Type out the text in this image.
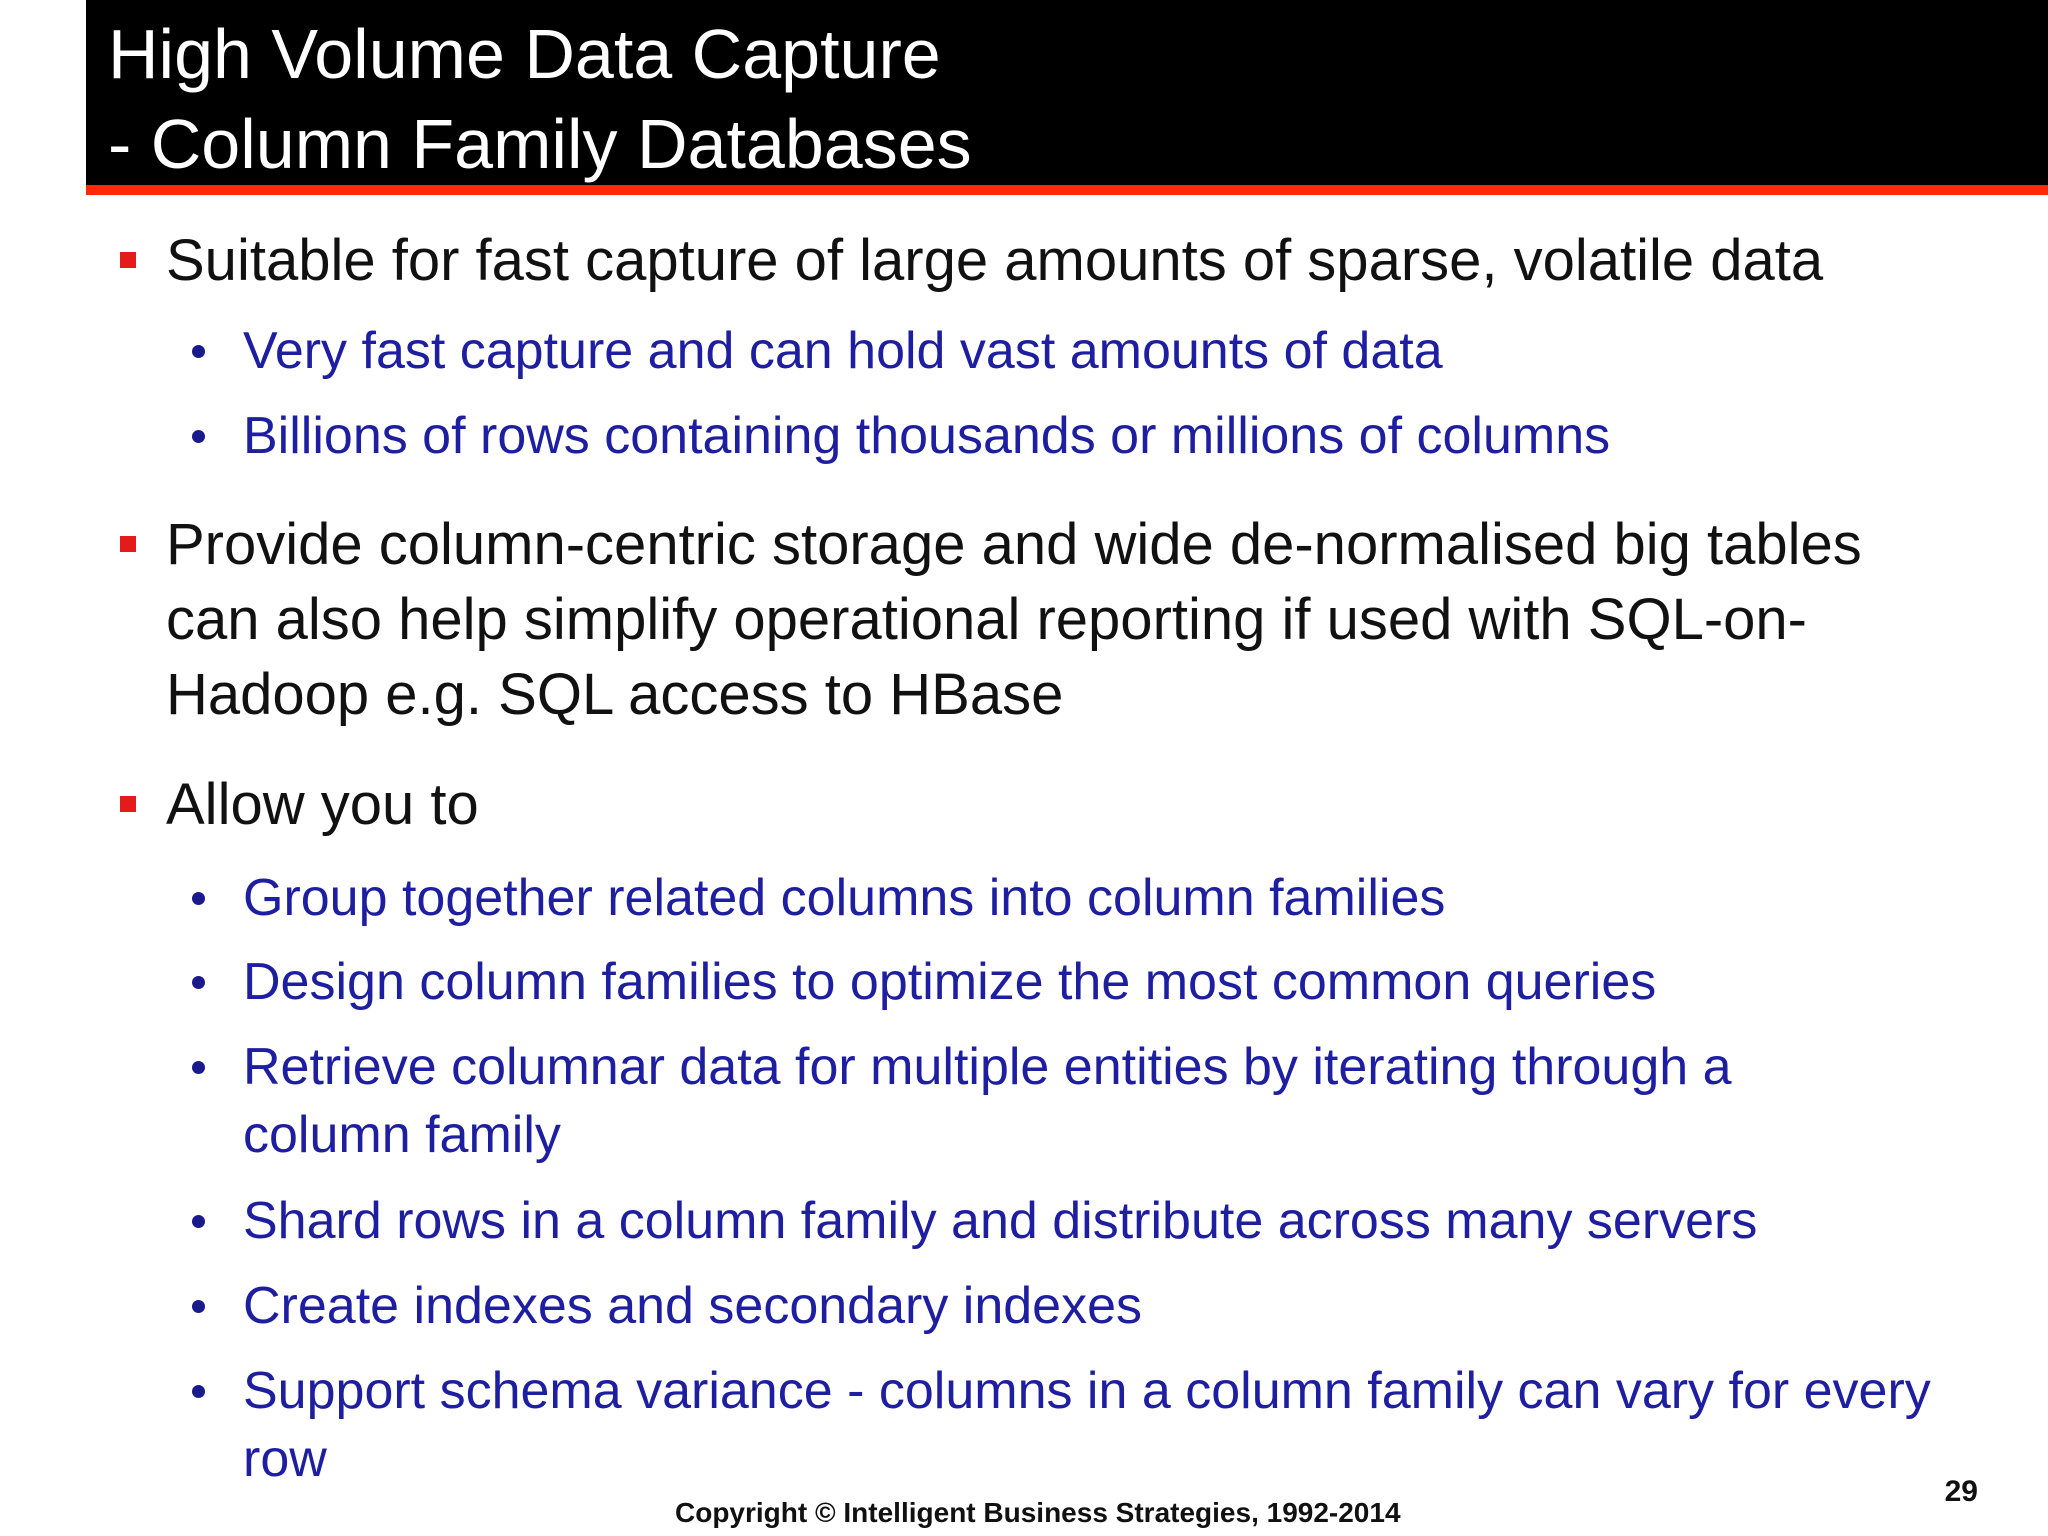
High Volume Data Capture
- Column Family Databases
Suitable for fast capture of large amounts of sparse, volatile data
Very fast capture and can hold vast amounts of data
Billions of rows containing thousands or millions of columns
Provide column-centric storage and wide de-normalised big tables can also help simplify operational reporting if used with SQL-on-Hadoop e.g. SQL access to HBase
Allow you to
Group together related columns into column families
Design column families to optimize the most common queries
Retrieve columnar data for multiple entities by iterating through a column family
Shard rows in a column family and distribute across many servers
Create indexes and secondary indexes
Support schema variance - columns in a column family can vary for every row
Copyright © Intelligent Business Strategies, 1992-2014
29
